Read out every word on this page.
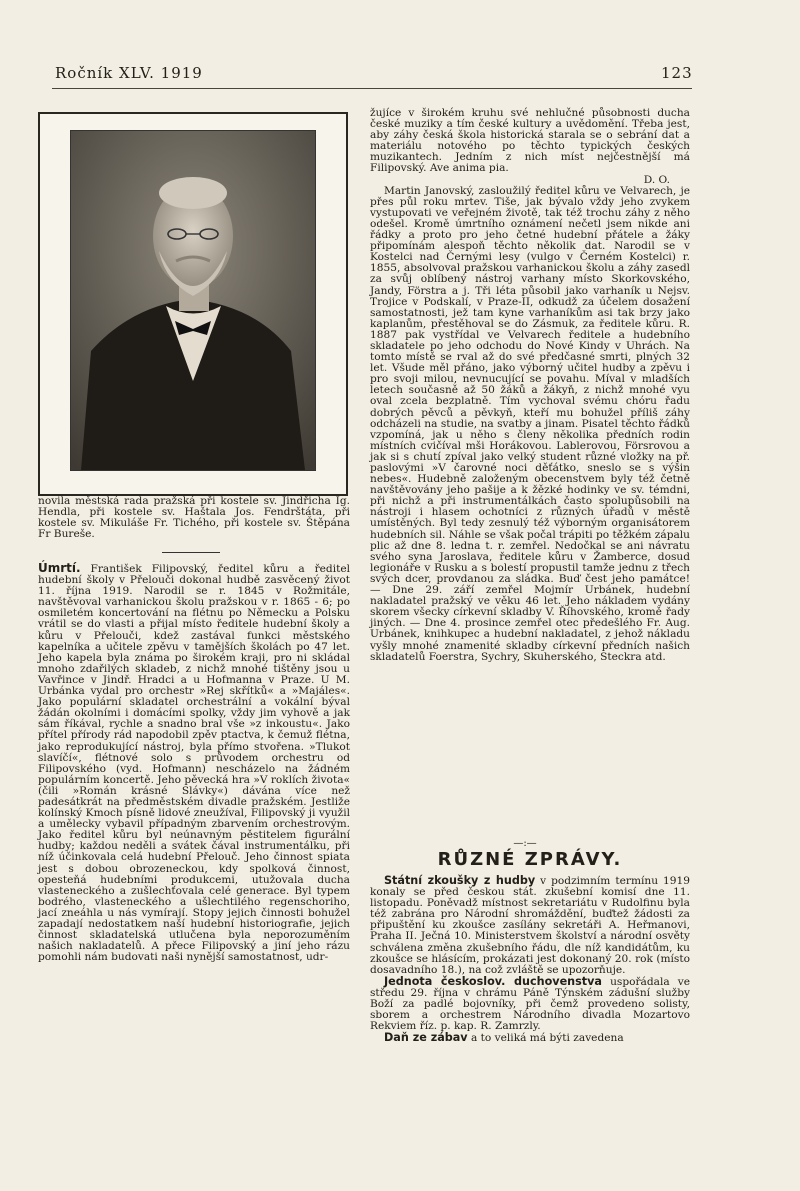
Ročník XLV. 1919	123

novila městská rada pražská při kostele sv. Jindřicha Ig. Hendla, při kostele sv. Haštala Jos. Fendrštáta, při kostele sv. Mikuláše Fr. Tichého, při kostele sv. Štěpána Fr Bureše.

Úmrtí. František Filipovský, ředitel kůru a ředitel hudební školy v Přelouči dokonal hudbě zasvěcený život 11. října 1919. Narodil se r. 1845 v Rožmitále, navštěvoval varhanickou školu pražskou v r. 1865 - 6; po osmiletém koncertování na flétnu po Německu a Polsku vrátil se do vlasti a přijal místo ředitele hudební školy a kůru v Přelouči, kdež zastával funkci městského kapelníka a učitele zpěvu v tamějších školách po 47 let. Jeho kapela byla známa po širokém kraji, pro ni skládal mnoho zdařilých skladeb, z nichž mnohé tištěny jsou u Vavřince v Jindř. Hradci a u Hofmanna v Praze. U M. Urbánka vydal pro orchestr »Rej skřítků« a »Majáles«. Jako populární skladatel orchestrální a vokální býval žádán okolními i domácími spolky, vždy jim vyhově a jak sám říkával, rychle a snadno bral vše »z inkoustu«. Jako přítel přírody rád napodobil zpěv ptactva, k čemuž flétna, jako reprodukující nástroj, byla přímo stvořena. »Tlukot slavíčí«, flétnové solo s průvodem orchestru od Filipovského (vyd. Hofmann) nescházelo na žádném populárním koncertě. Jeho pěvecká hra »V roklích života« (čili »Román krásné Slávky«) dávána více než padesátkrát na předměstském divadle pražském. Jestliže kolínský Kmoch písně lidové zneužíval, Filipovský ji využil a umělecky vybavil případným zbarvením orchestrovým. Jako ředitel kůru byl neúnavným pěstitelem figurální hudby; každou neděli a svátek čával instrumentálku, při níž účinkovala celá hudební Přelouč. Jeho činnost spiata jest s dobou obrozeneckou, kdy spolková činnost, opesteňá hudebními produkcemi, utužovala ducha vlasteneckého a zušlechťovala celé generace. Byl typem bodrého, vlasteneckého a ušlechtilého regenschoriho, jací zneáhla u nás vymírají. Stopy jejich činnosti bohužel zapadají nedostatkem naší hudební historiografie, jejich činnost skladatelská utlučena byla neporozuměním našich nakladatelů. A přece Filipovský a jiní jeho rázu pomohli nám budovati naši nynější samostatnost, udr-

žujíce v širokém kruhu své nehlučné působnosti ducha české muziky a tím české kultury a uvědomění. Třeba jest, aby záhy česká škola historická starala se o sebrání dat a materiálu notového po těchto typických českých muzikantech. Jedním z nich míst nejčestnější má Filipovský. Ave anima pia.

D. O.

Martin Janovský, zasloužilý ředitel kůru ve Velvarech, je přes půl roku mrtev. Tiše, jak bývalo vždy jeho zvykem vystupovati ve veřejném životě, tak též trochu záhy z něho odešel. Kromě úmrtního oznámení nečetl jsem nikde ani řádky a proto pro jeho četné hudební přátele a žáky připomínám alespoň těchto několik dat. Narodil se v Kostelci nad Černými lesy (vulgo v Černém Kostelci) r. 1855, absolvoval pražskou varhanickou školu a záhy zasedl za svůj oblíbený nástroj varhany místo Skorkovského, Jandy, Förstra a j. Tři léta působil jako varhaník u Nejsv. Trojice v Podskalí, v Praze-II, odkudž za účelem dosažení samostatnosti, jež tam kyne varhaníkům asi tak brzy jako kaplanům, přestěhoval se do Zásmuk, za ředitele kůru. R. 1887 pak vystřídal ve Velvarech ředitele a hudebního skladatele po jeho odchodu do Nové Kindy v Uhrách. Na tomto místě se rval až do své předčasné smrti, plných 32 let. Všude měl přáno, jako výborný učitel hudby a zpěvu i pro svoji milou, nevnucující se povahu. Míval v mladších letech současně až 50 žáků a žákyň, z nichž mnohé vyu oval zcela bezplatně. Tím vychoval svému chóru řadu dobrých pěvců a pěvkyň, kteří mu bohužel příliš záhy odcházeli na studie, na svatby a jinam. Pisatel těchto řádků vzpomíná, jak u něho s členy několika předních rodin místních cvičíval mši Horákovou. Lablerovou, Försrovou a jak si s chutí zpíval jako velký student různé vložky na př. paslovými »V čarovné noci děťátko, sneslo se s výšin nebes«. Hudebně založeným obecenstvem byly též četně navštěvovány jeho pašije a k žězké hodinky ve sv. témdni, při nichž a při instrumentálkách často spolupůsobili na nástroji i hlasem ochotníci z různých úřadů v městě umístěných. Byl tedy zesnulý též výborným organisátorem hudebních sil. Náhle se však počal trápiti po těžkém zápalu plic až dne 8. ledna t. r. zemřel. Nedočkal se ani návratu svého syna Jaroslava, ředitele kůru v Žamberce, dosud legionáře v Rusku a s bolestí propustil tamže jednu z třech svých dcer, provdanou za sládka. Buď čest jeho památce! — Dne 29. září zemřel Mojmír Urbánek, hudební nakladatel pražský ve věku 46 let. Jeho nákladem vydány skorem všecky církevní skladby V. Říhovského, kromě řady jiných. — Dne 4. prosince zemřel otec předešlého Fr. Aug. Urbánek, knihkupec a hudební nakladatel, z jehož nákladu vyšly mnohé znamenité skladby církevní předních našich skladatelů Foerstra, Sychry, Skuherského, Steckra atd.

—:—
RŮZNÉ ZPRÁVY.

Státní zkoušky z hudby v podzimním termínu 1919 konaly se před českou stát. zkušební komisí dne 11. listopadu. Poněvadž místnost sekretariátu v Rudolfinu byla též zabrána pro Národní shromáždění, buďtež žádosti za připuštění ku zkoušce zasílány sekretáři A. Heřmanovi, Praha II. Ječná 10. Ministerstvem školství a národní osvěty schválena změna zkušebního řádu, dle níž kandidátům, ku zkoušce se hlásícím, prokázati jest dokonaný 20. rok (místo dosavadního 18.), na což zvláště se upozorňuje.

Jednota českoslov. duchovenstva uspořádala ve středu 29. října v chrámu Páně Týnském zádušní služby Boží za padlé bojovníky, při čemž provedeno solisty, sborem a orchestrem Národního divadla Mozartovo Rekviem říz. p. kap. R. Zamrzly.

Daň ze zábav a to veliká má býti zavedena
